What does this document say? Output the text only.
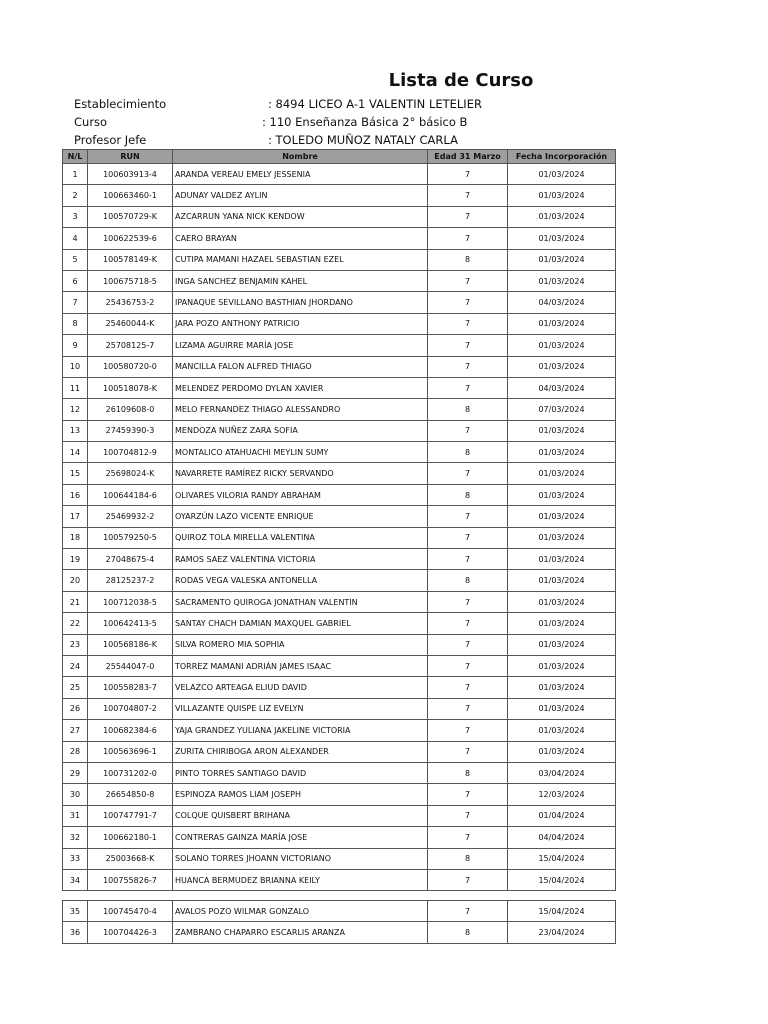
Lista de Curso
Establecimiento	: 8494 LICEO A-1 VALENTIN LETELIER
Curso	: 110 Enseñanza Básica 2° básico B
Profesor Jefe	: TOLEDO MUÑOZ NATALY CARLA
N/L	RUN	Nombre	Edad 31 Marzo	Fecha Incorporación
1	100603913-4	ARANDA VEREAU EMELY JESSENIA	7	01/03/2024
2	100663460-1	ADUNAY VALDEZ AYLIN	7	01/03/2024
3	100570729-K	AZCARRUN YANA NICK KENDOW	7	01/03/2024
4	100622539-6	CAERO BRAYAN	7	01/03/2024
5	100578149-K	CUTIPA MAMANI HAZAEL SEBASTIAN EZEL	8	01/03/2024
6	100675718-5	INGA SANCHEZ BENJAMIN KAHEL	7	01/03/2024
7	25436753-2	IPANAQUE SEVILLANO BASTHIAN JHORDANO	7	04/03/2024
8	25460044-K	JARA POZO ANTHONY PATRICIO	7	01/03/2024
9	25708125-7	LIZAMA AGUIRRE MARÍA JOSE	7	01/03/2024
10	100580720-0	MANCILLA FALON ALFRED THIAGO	7	01/03/2024
11	100518078-K	MELENDEZ PERDOMO DYLAN XAVIER	7	04/03/2024
12	26109608-0	MELO FERNANDEZ THIAGO ALESSANDRO	8	07/03/2024
13	27459390-3	MENDOZA NUÑEZ ZARA SOFIA	7	01/03/2024
14	100704812-9	MONTALICO ATAHUACHI MEYLIN SUMY	8	01/03/2024
15	25698024-K	NAVARRETE RAMÍREZ RICKY SERVANDO	7	01/03/2024
16	100644184-6	OLIVARES VILORIA RANDY ABRAHAM	8	01/03/2024
17	25469932-2	OYARZÚN LAZO VICENTE ENRIQUE	7	01/03/2024
18	100579250-5	QUIROZ TOLA MIRELLA VALENTINA	7	01/03/2024
19	27048675-4	RAMOS SAEZ VALENTINA VICTORIA	7	01/03/2024
20	28125237-2	RODAS VEGA VALESKA ANTONELLA	8	01/03/2024
21	100712038-5	SACRAMENTO QUIROGA JONATHAN VALENTIN	7	01/03/2024
22	100642413-5	SANTAY CHACH DAMIAN MAXQUEL GABRIEL	7	01/03/2024
23	100568186-K	SILVA ROMERO MIA SOPHIA	7	01/03/2024
24	25544047-0	TORREZ MAMANI ADRIÁN JAMES ISAAC	7	01/03/2024
25	100558283-7	VELAZCO ARTEAGA ELIUD DAVID	7	01/03/2024
26	100704807-2	VILLAZANTE QUISPE LIZ EVELYN	7	01/03/2024
27	100682384-6	YAJA GRANDEZ YULIANA JAKELINE VICTORIA	7	01/03/2024
28	100563696-1	ZURITA CHIRIBOGA ARON ALEXANDER	7	01/03/2024
29	100731202-0	PINTO TORRES SANTIAGO DAVID	8	03/04/2024
30	26654850-8	ESPINOZA RAMOS LIAM JOSEPH	7	12/03/2024
31	100747791-7	COLQUE QUISBERT BRIHANA	7	01/04/2024
32	100662180-1	CONTRERAS GAINZA MARÍA JOSE	7	04/04/2024
33	25003668-K	SOLANO TORRES JHOANN VICTORIANO	8	15/04/2024
34	100755826-7	HUANCA BERMUDEZ BRIANNA KEILY	7	15/04/2024
35	100745470-4	AVALOS POZO WILMAR GONZALO	7	15/04/2024
36	100704426-3	ZAMBRANO CHAPARRO ESCARLIS ARANZA	8	23/04/2024
